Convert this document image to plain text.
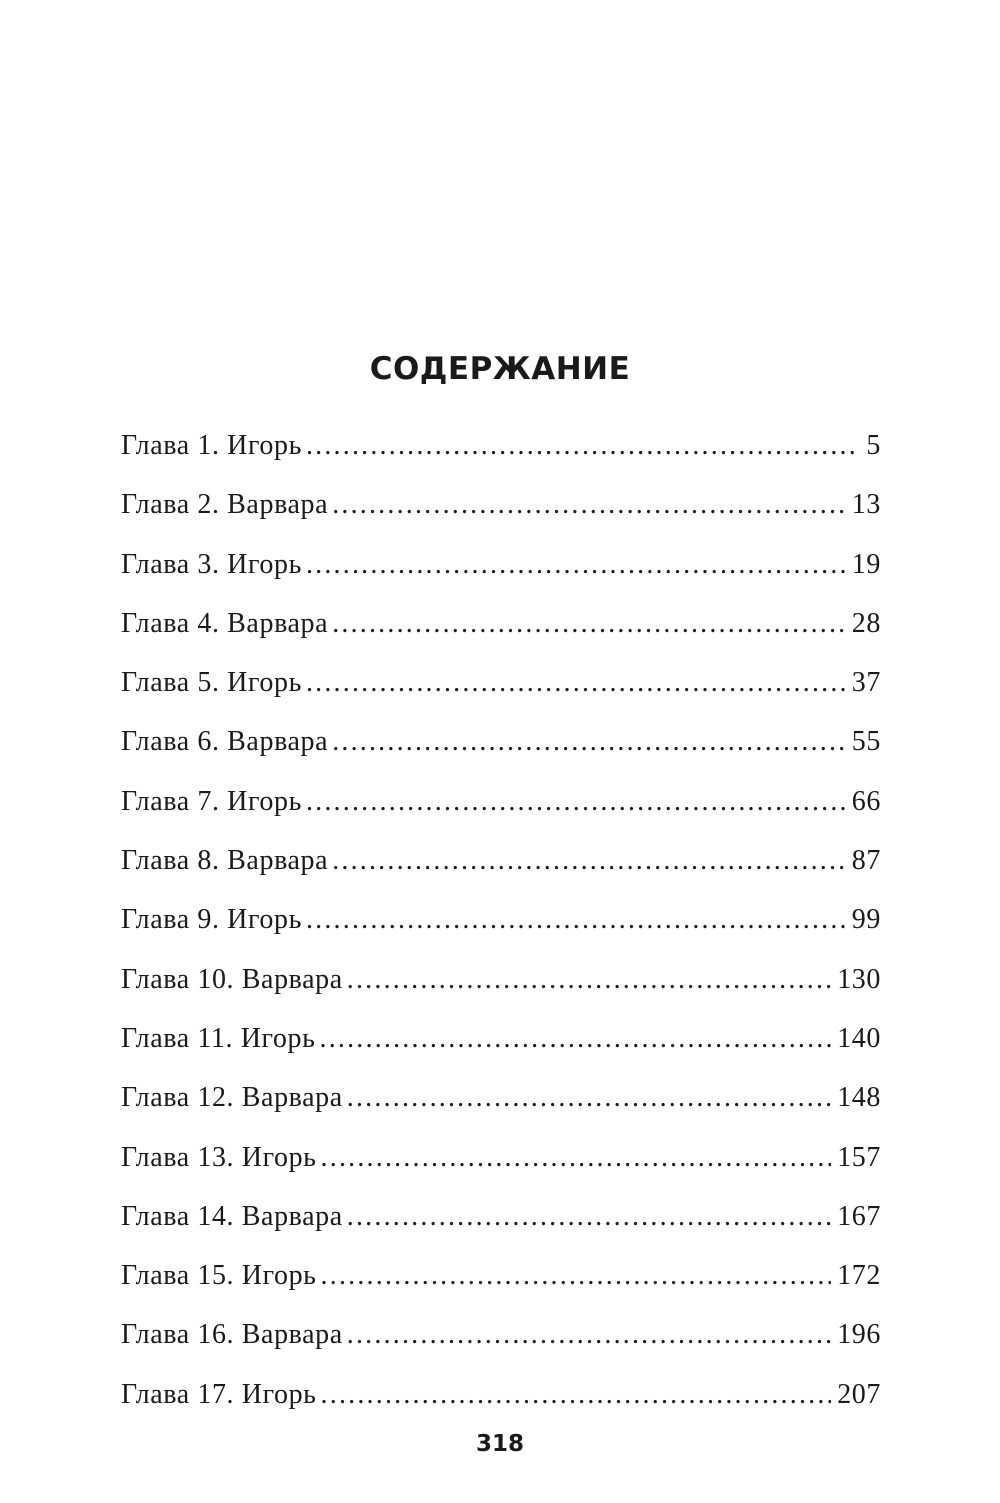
СОДЕРЖАНИЕ
Глава 1. Игорь .....	5
Глава 2. Варвара .....	13
Глава 3. Игорь .....	19
Глава 4. Варвара .....	28
Глава 5. Игорь .....	37
Глава 6. Варвара .....	55
Глава 7. Игорь .....	66
Глава 8. Варвара .....	87
Глава 9. Игорь .....	99
Глава 10. Варвара .....	130
Глава 11. Игорь .....	140
Глава 12. Варвара .....	148
Глава 13. Игорь .....	157
Глава 14. Варвара .....	167
Глава 15. Игорь .....	172
Глава 16. Варвара .....	196
Глава 17. Игорь .....	207
318
